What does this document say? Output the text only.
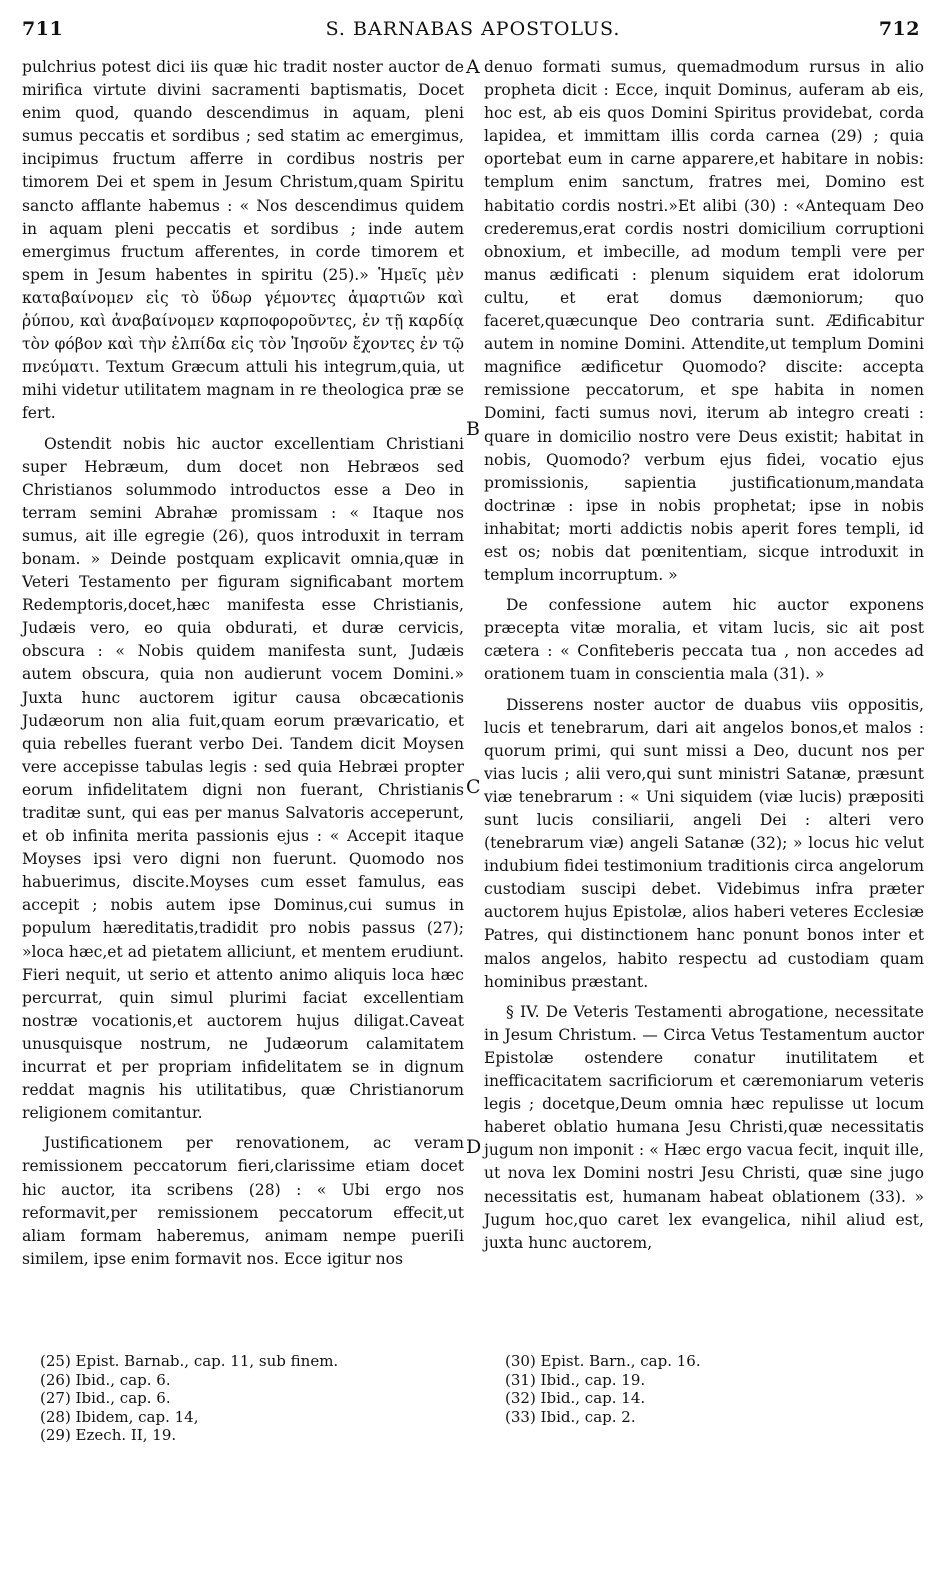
S. BARNABAS APOSTOLUS.
711	712

pulchrius potest dici iis quæ hic tradit noster auctor de mirifica virtute divini sacramenti baptismatis, Docet enim quod, quando descendimus in aquam, pleni sumus peccatis et sordibus ; sed statim ac emergimus, incipimus fructum afferre in cordibus nostris per timorem Dei et spem in Jesum Christum,quam Spiritu sancto afflante habemus : « Nos descendimus quidem in aquam pleni peccatis et sordibus ; inde autem emergimus fructum afferentes, in corde timorem et spem in Jesum habentes in spiritu (25).» Ἡμεῖς μὲν καταβαίνομεν εἰς τὸ ὕδωρ γέμοντες ἁμαρτιῶν καὶ ῥύπου, καὶ ἀναβαίνομεν καρποφοροῦντες, ἐν τῇ καρδίᾳ τὸν φόβον καὶ τὴν ἐλπίδα εἰς τὸν Ἰησοῦν ἔχοντες ἐν τῷ πνεύματι. Textum Græcum attuli his integrum,quia, ut mihi videtur utilitatem magnam in re theologica præ se fert.

Ostendit nobis hic auctor excellentiam Christiani super Hebræum, dum docet non Hebræos sed Christianos solummodo introductos esse a Deo in terram semini Abrahæ promissam : « Itaque nos sumus, ait ille egregie (26), quos introduxit in terram bonam. » Deinde postquam explicavit omnia,quæ in Veteri Testamento per figuram significabant mortem Redemptoris,docet,hæc manifesta esse Christianis, Judæis vero, eo quia obdurati, et duræ cervicis, obscura : « Nobis quidem manifesta sunt, Judæis autem obscura, quia non audierunt vocem Domini.» Juxta hunc auctorem igitur causa obcæcationis Judæorum non alia fuit,quam eorum prævaricatio, et quia rebelles fuerant verbo Dei. Tandem dicit Moysen vere accepisse tabulas legis : sed quia Hebræi propter eorum infidelitatem digni non fuerant, Christianis traditæ sunt, qui eas per manus Salvatoris acceperunt, et ob infinita merita passionis ejus : « Accepit itaque Moyses ipsi vero digni non fuerunt. Quomodo nos habuerimus, discite.Moyses cum esset famulus, eas accepit ; nobis autem ipse Dominus,cui sumus in populum hæreditatis,tradidit pro nobis passus (27); »loca hæc,et ad pietatem alliciunt, et mentem erudiunt. Fieri nequit, ut serio et attento animo aliquis loca hæc percurrat, quin simul plurimi faciat excellentiam nostræ vocationis,et auctorem hujus diligat.Caveat unusquisque nostrum, ne Judæorum calamitatem incurrat et per propriam infidelitatem se in dignum reddat magnis his utilitatibus, quæ Christianorum religionem comitantur.

Justificationem per renovationem, ac veram remissionem peccatorum fieri,clarissime etiam docet hic auctor, ita scribens (28) : « Ubi ergo nos reformavit,per remissionem peccatorum effecit,ut aliam formam haberemus, animam nempe pueriIi similem, ipse enim formavit nos. Ecce igitur nos

A
B
C
D

denuo formati sumus, quemadmodum rursus in alio propheta dicit : Ecce, inquit Dominus, auferam ab eis, hoc est, ab eis quos Domini Spiritus providebat, corda lapidea, et immittam illis corda carnea (29) ; quia oportebat eum in carne apparere,et habitare in nobis: templum enim sanctum, fratres mei, Domino est habitatio cordis nostri.»Et alibi (30) : «Antequam Deo crederemus,erat cordis nostri domicilium corruptioni obnoxium, et imbecille, ad modum templi vere per manus ædificati : plenum siquidem erat idolorum cultu, et erat domus dæmoniorum; quo faceret,quæcunque Deo contraria sunt. Ædificabitur autem in nomine Domini. Attendite,ut templum Domini magnifice ædificetur Quomodo? discite: accepta remissione peccatorum, et spe habita in nomen Domini, facti sumus novi, iterum ab integro creati : quare in domicilio nostro vere Deus existit; habitat in nobis, Quomodo? verbum ejus fidei, vocatio ejus promissionis, sapientia justificationum,mandata doctrinæ : ipse in nobis prophetat; ipse in nobis inhabitat; morti addictis nobis aperit fores templi, id est os; nobis dat pœnitentiam, sicque introduxit in templum incorruptum. »

De confessione autem hic auctor exponens præcepta vitæ moralia, et vitam lucis, sic ait post cætera : « Confiteberis peccata tua , non accedes ad orationem tuam in conscientia mala (31). »

Disserens noster auctor de duabus viis oppositis, lucis et tenebrarum, dari ait angelos bonos,et malos : quorum primi, qui sunt missi a Deo, ducunt nos per vias lucis ; alii vero,qui sunt ministri Satanæ, præsunt viæ tenebrarum : « Uni siquidem (viæ lucis) præpositi sunt lucis consiliarii, angeli Dei : alteri vero (tenebrarum viæ) angeli Satanæ (32); » locus hic velut indubium fidei testimonium traditionis circa angelorum custodiam suscipi debet. Videbimus infra præter auctorem hujus Epistolæ, alios haberi veteres Ecclesiæ Patres, qui distinctionem hanc ponunt bonos inter et malos angelos, habito respectu ad custodiam quam hominibus præstant.

§ IV. De Veteris Testamenti abrogatione, necessitate in Jesum Christum. — Circa Vetus Testamentum auctor Epistolæ ostendere conatur inutilitatem et inefficacitatem sacrificiorum et cæremoniarum veteris legis ; docetque,Deum omnia hæc repulisse ut locum haberet oblatio humana Jesu Christi,quæ necessitatis jugum non imponit : « Hæc ergo vacua fecit, inquit ille, ut nova lex Domini nostri Jesu Christi, quæ sine jugo necessitatis est, humanam habeat oblationem (33). » Jugum hoc,quo caret lex evangelica, nihil aliud est, juxta hunc auctorem,

(25) Epist. Barnab., cap. 11, sub finem.
(26) Ibid., cap. 6.
(27) Ibid., cap. 6.
(28) Ibidem, cap. 14,
(29) Ezech. II, 19.
(30) Epist. Barn., cap. 16.
(31) Ibid., cap. 19.
(32) Ibid., cap. 14.
(33) Ibid., cap. 2.
